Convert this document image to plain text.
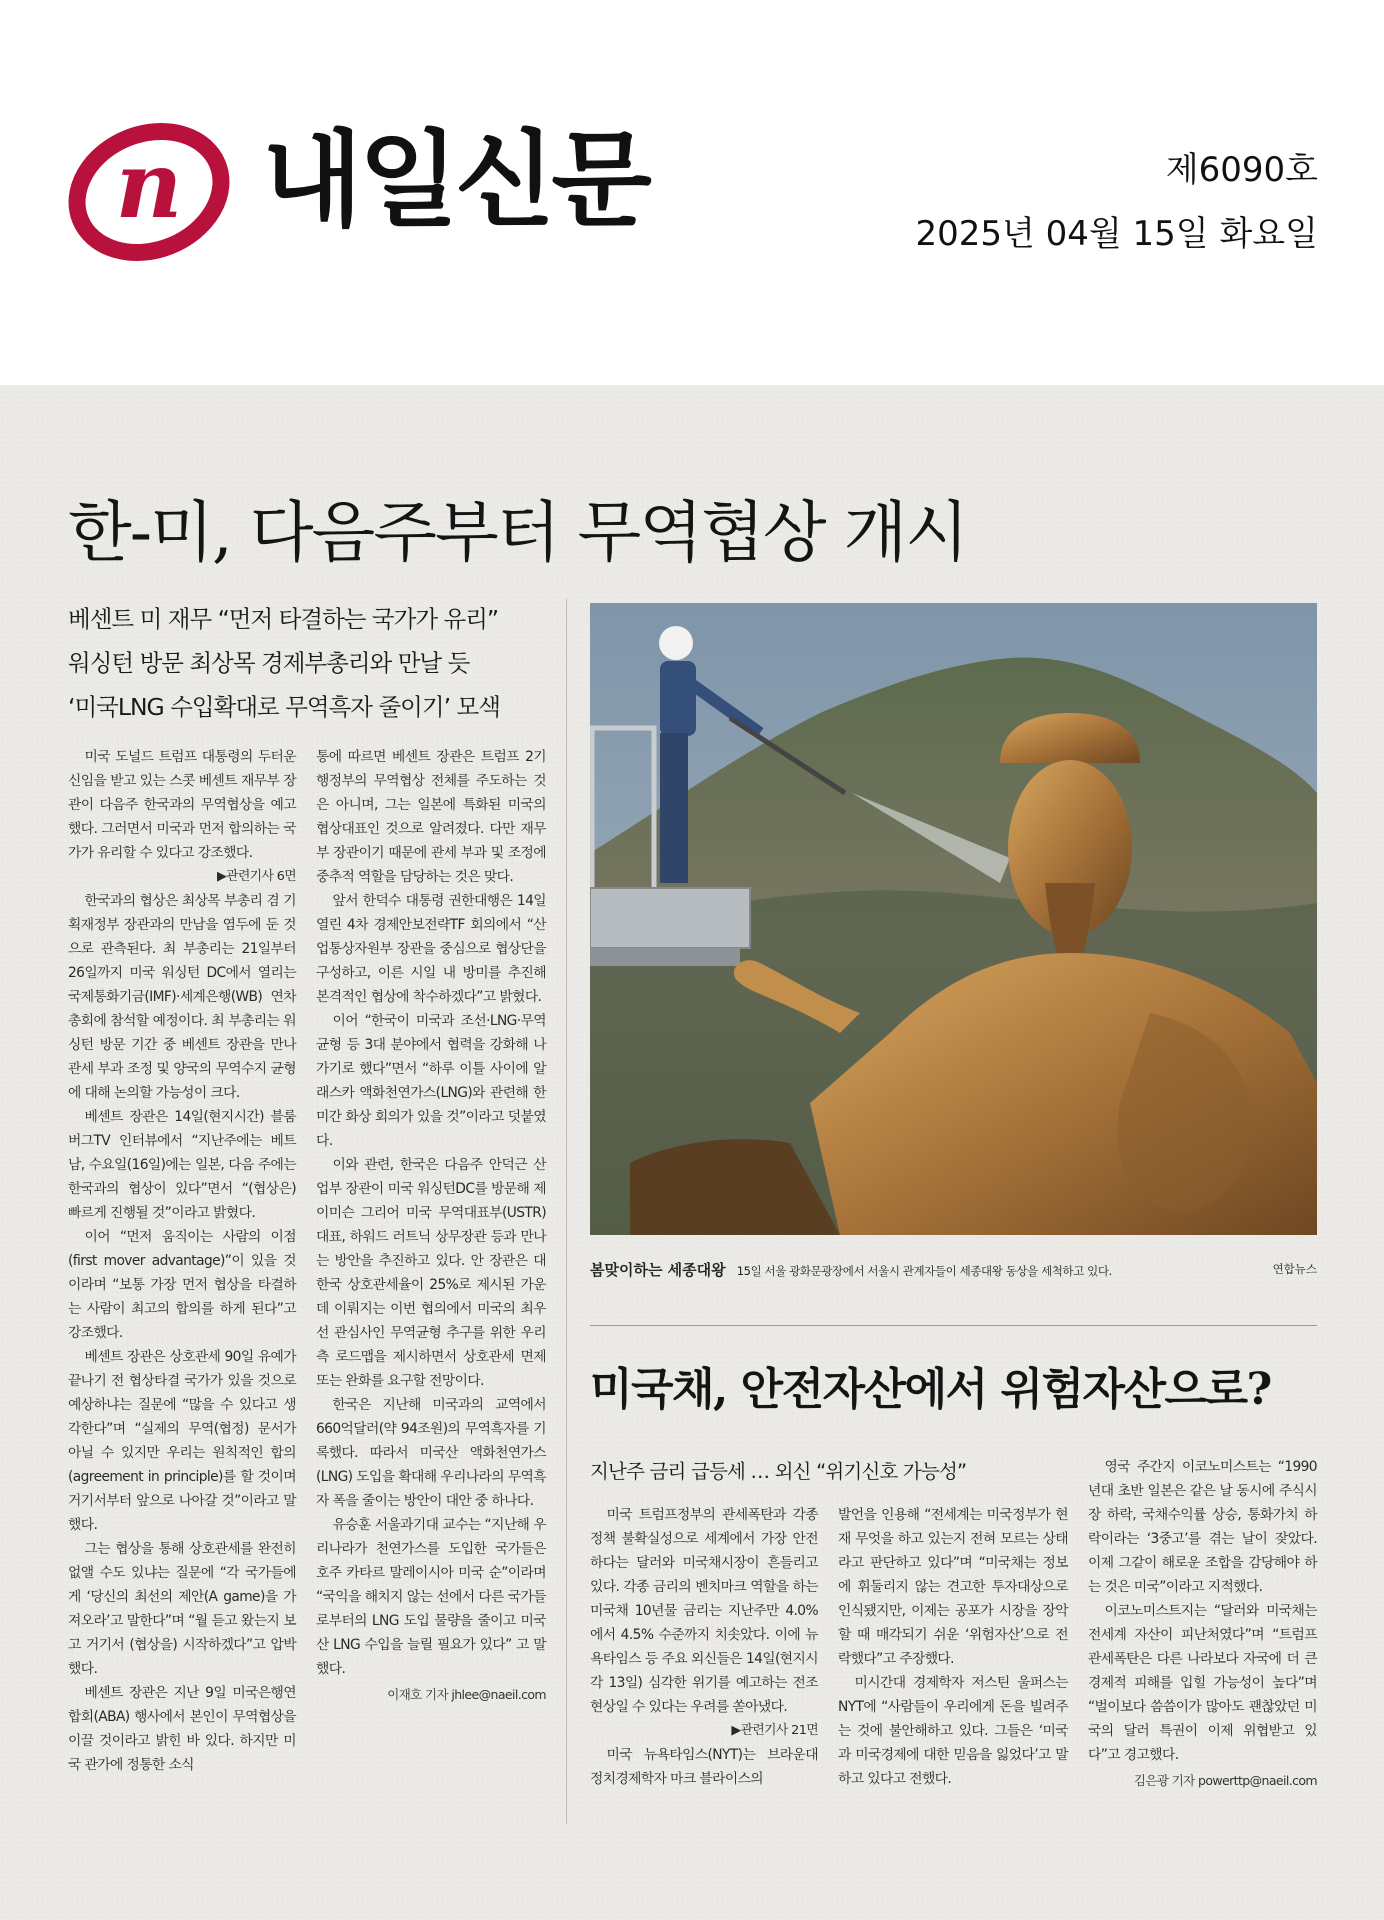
n 내일신문	제6090호
2025년 04월 15일 화요일
한-미, 다음주부터 무역협상 개시
베센트 미 재무 “먼저 타결하는 국가가 유리”
워싱턴 방문 최상목 경제부총리와 만날 듯
‘미국LNG 수입확대로 무역흑자 줄이기’ 모색

미국 도널드 트럼프 대통령의 두터운 신임을 받고 있는 스콧 베센트 재무부 장관이 다음주 한국과의 무역협상을 예고했다. 그러면서 미국과 먼저 합의하는 국가가 유리할 수 있다고 강조했다.

▶관련기사 6면

한국과의 협상은 최상목 부총리 겸 기획재정부 장관과의 만남을 염두에 둔 것으로 관측된다. 최 부총리는 21일부터 26일까지 미국 워싱턴 DC에서 열리는 국제통화기금(IMF)·세계은행(WB) 연차총회에 참석할 예정이다. 최 부총리는 워싱턴 방문 기간 중 베센트 장관을 만나 관세 부과 조정 및 양국의 무역수지 균형에 대해 논의할 가능성이 크다.

베센트 장관은 14일(현지시간) 블룸버그TV 인터뷰에서 “지난주에는 베트남, 수요일(16일)에는 일본, 다음 주에는 한국과의 협상이 있다”면서 “(협상은) 빠르게 진행될 것”이라고 밝혔다.

이어 “먼저 움직이는 사람의 이점(first mover advantage)”이 있을 것이라며 “보통 가장 먼저 협상을 타결하는 사람이 최고의 합의를 하게 된다”고 강조했다.

베센트 장관은 상호관세 90일 유예가 끝나기 전 협상타결 국가가 있을 것으로 예상하냐는 질문에 “많을 수 있다고 생각한다”며 “실제의 무역(협정) 문서가 아닐 수 있지만 우리는 원칙적인 합의(agreement in principle)를 할 것이며 거기서부터 앞으로 나아갈 것”이라고 말했다.

그는 협상을 통해 상호관세를 완전히 없앨 수도 있냐는 질문에 “각 국가들에게 ‘당신의 최선의 제안(A game)을 가져오라’고 말한다”며 “월 듣고 왔는지 보고 거기서 (협상을) 시작하겠다”고 압박했다.

베센트 장관은 지난 9일 미국은행연합회(ABA) 행사에서 본인이 무역협상을 이끌 것이라고 밝힌 바 있다. 하지만 미국 관가에 정통한 소식

통에 따르면 베센트 장관은 트럼프 2기 행정부의 무역협상 전체를 주도하는 것은 아니며, 그는 일본에 특화된 미국의 협상대표인 것으로 알려졌다. 다만 재무부 장관이기 때문에 관세 부과 및 조정에 중추적 역할을 담당하는 것은 맞다.

앞서 한덕수 대통령 권한대행은 14일 열린 4차 경제안보전략TF 회의에서 “산업통상자원부 장관을 중심으로 협상단을 구성하고, 이른 시일 내 방미를 추진해 본격적인 협상에 착수하겠다”고 밝혔다.

이어 “한국이 미국과 조선·LNG·무역균형 등 3대 분야에서 협력을 강화해 나가기로 했다”면서 “하루 이틀 사이에 알래스카 액화천연가스(LNG)와 관련해 한미간 화상 회의가 있을 것”이라고 덧붙였다.

이와 관련, 한국은 다음주 안덕근 산업부 장관이 미국 워싱턴DC를 방문해 제이미슨 그리어 미국 무역대표부(USTR) 대표, 하워드 러트닉 상무장관 등과 만나는 방안을 추진하고 있다. 안 장관은 대한국 상호관세율이 25%로 제시된 가운데 이뤄지는 이번 협의에서 미국의 최우선 관심사인 무역균형 추구를 위한 우리측 로드맵을 제시하면서 상호관세 면제 또는 완화를 요구할 전망이다.

한국은 지난해 미국과의 교역에서 660억달러(약 94조원)의 무역흑자를 기록했다. 따라서 미국산 액화천연가스(LNG) 도입을 확대해 우리나라의 무역흑자 폭을 줄이는 방안이 대안 중 하나다.

유승훈 서울과기대 교수는 “지난해 우리나라가 천연가스를 도입한 국가들은 호주 카타르 말레이시아 미국 순”이라며 “국익을 해치지 않는 선에서 다른 국가들로부터의 LNG 도입 물량을 줄이고 미국산 LNG 수입을 늘릴 필요가 있다” 고 말했다.

이재호 기자 jhlee@naeil.com
봄맞이하는 세종대왕 15일 서울 광화문광장에서 서울시 관계자들이 세종대왕 동상을 세척하고 있다.	연합뉴스
미국채, 안전자산에서 위험자산으로?
지난주 금리 급등세 … 외신 “위기신호 가능성”

미국 트럼프정부의 관세폭탄과 각종 정책 불확실성으로 세계에서 가장 안전하다는 달러와 미국채시장이 흔들리고 있다. 각종 금리의 벤치마크 역할을 하는 미국채 10년물 금리는 지난주만 4.0%에서 4.5% 수준까지 치솟았다. 이에 뉴욕타임스 등 주요 외신들은 14일(현지시각 13일) 심각한 위기를 예고하는 전조현상일 수 있다는 우려를 쏟아냈다.

▶관련기사 21면

미국 뉴욕타임스(NYT)는 브라운대 정치경제학자 마크 블라이스의

발언을 인용해 “전세계는 미국정부가 현재 무엇을 하고 있는지 전혀 모르는 상태라고 판단하고 있다”며 “미국채는 정보에 휘둘리지 않는 견고한 투자대상으로 인식됐지만, 이제는 공포가 시장을 장악할 때 매각되기 쉬운 ‘위험자산’으로 전락했다”고 주장했다.

미시간대 경제학자 저스틴 울퍼스는 NYT에 “사람들이 우리에게 돈을 빌려주는 것에 불안해하고 있다. 그들은 ‘미국과 미국경제에 대한 믿음을 잃었다’고 말하고 있다고 전했다.

영국 주간지 이코노미스트는 “1990년대 초반 일본은 같은 날 동시에 주식시장 하락, 국채수익률 상승, 통화가치 하락이라는 ‘3중고’를 겪는 날이 잦았다. 이제 그같이 해로운 조합을 감당해야 하는 것은 미국”이라고 지적했다.

이코노미스트지는 “달러와 미국채는 전세계 자산이 피난처였다”며 “트럼프 관세폭탄은 다른 나라보다 자국에 더 큰 경제적 피해를 입힐 가능성이 높다”며 “벌이보다 씀씀이가 많아도 괜찮았던 미국의 달러 특권이 이제 위협받고 있다”고 경고했다.

김은광 기자 powerttp@naeil.com
